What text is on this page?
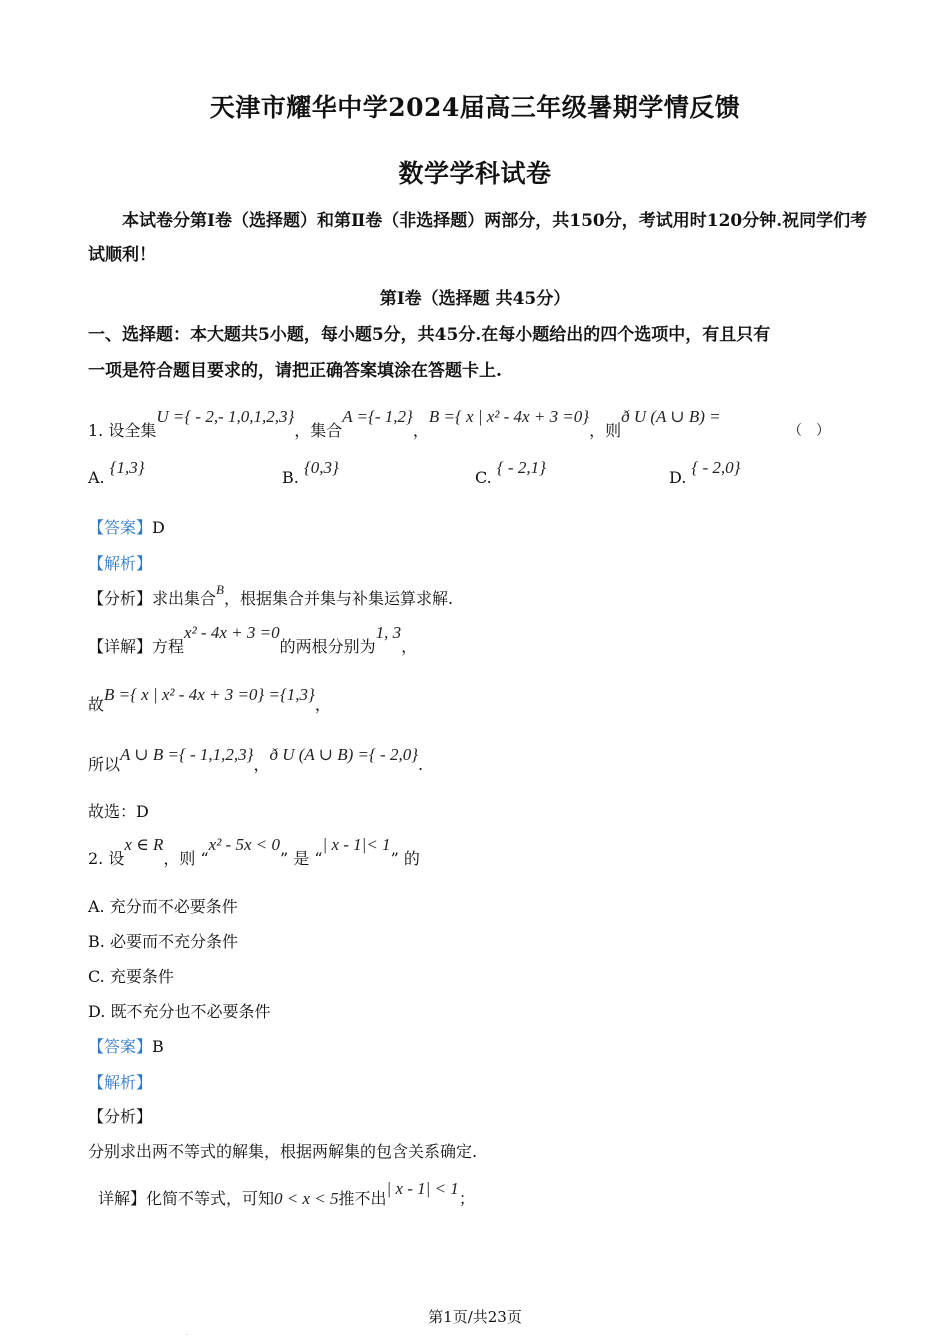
天津市耀华中学2024届高三年级暑期学情反馈
数学学科试卷
本试卷分第Ⅰ卷（选择题）和第Ⅱ卷（非选择题）两部分，共150分，考试用时120分钟.祝同学们考试顺利！
第Ⅰ卷（选择题 共45分）
一、选择题：本大题共5小题，每小题5分，共45分.在每小题给出的四个选项中，有且只有
一项是符合题目要求的，请把正确答案填涂在答题卡上.
1. 设全集U ={ - 2,- 1,0,1,2,3}，集合A ={- 1,2}，B ={ x | x² - 4x + 3 =0}，则ð U (A ∪ B) =
（　）
A. {1,3}
B. {0,3}
C. { - 2,1}
D. { - 2,0}
【答案】D
【解析】
【分析】求出集合$^B$，根据集合并集与补集运算求解.
【详解】方程x² - 4x + 3 =0的两根分别为1, 3，
故B ={ x | x² - 4x + 3 =0} ={1,3}，
所以A ∪ B ={ - 1,1,2,3}，ð U (A ∪ B) ={ - 2,0}.
故选：D
2. 设x ∈ R，则 “x² - 5x < 0” 是 “| x - 1|< 1” 的
A. 充分而不必要条件
B. 必要而不充分条件
C. 充要条件
D. 既不充分也不必要条件
【答案】B
【解析】
【分析】
分别求出两不等式的解集，根据两解集的包含关系确定.
详解】化简不等式，可知0 < x < 5推不出| x - 1| < 1；
.
第1页/共23页
